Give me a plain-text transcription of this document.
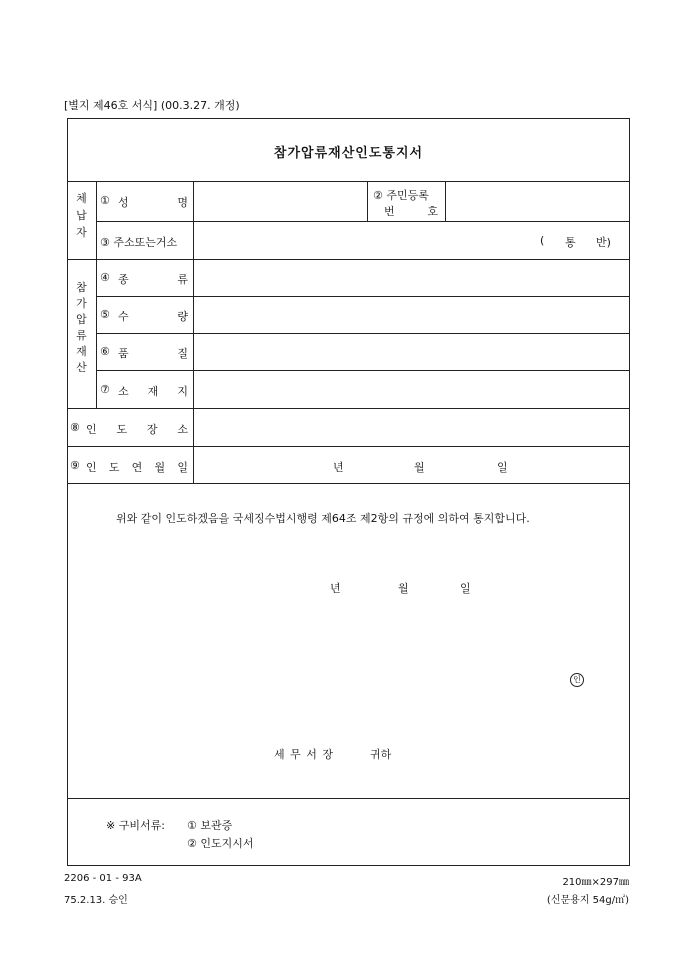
[별지 제46호 서식] (00.3.27. 개정)
참가압류재산인도통지서
체
납
자
① 성	명
② 주민등록
번	호
③ 주소또는거소	( 통 반)
참
가
압
류
재
산
④ 종	류
⑤ 수	량
⑥ 품	질
⑦ 소 재 지
⑧ 인 도 장 소
⑨ 인 도 연 월 일	년	월	일
위와 같이 인도하겠음을 국세징수법시행령 제64조 제2항의 규정에 의하여 통지합니다.
년	월	일
인
세 무 서 장	귀하
※ 구비서류: ① 보관증
② 인도지시서
2206 - 01 - 93A
75.2.13. 승인
210㎜×297㎜
(신문용지 54g/㎡)
